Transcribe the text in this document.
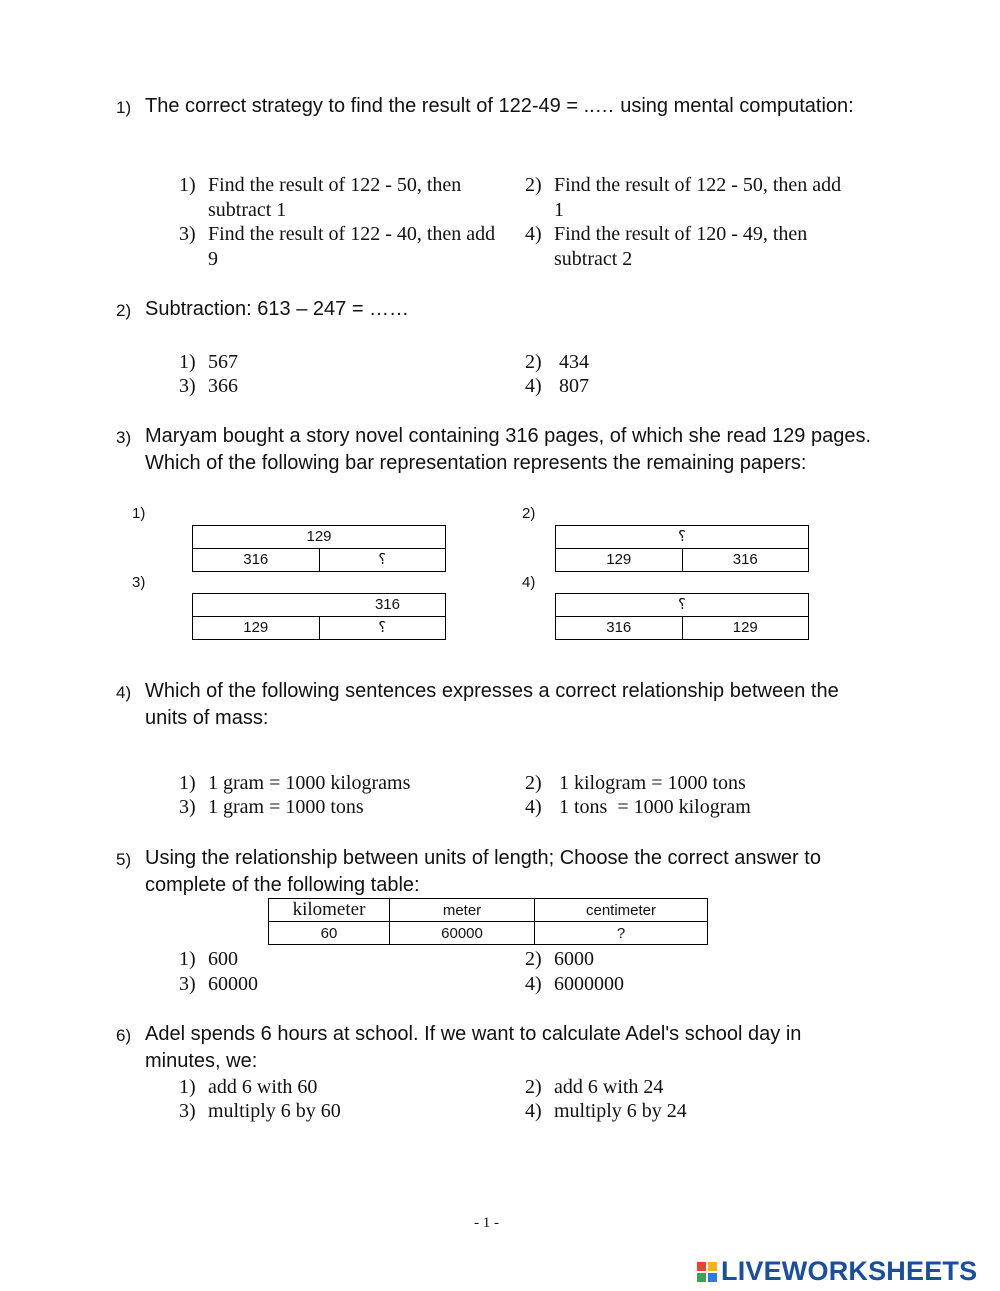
1) The correct strategy to find the result of 122-49 = ..… using mental computation:
1) Find the result of 122 - 50, then subtract 1
2) Find the result of 122 - 50, then add 1
3) Find the result of 122 - 40, then add 9
4) Find the result of 120 - 49, then subtract 2
2) Subtraction: 613 – 247 = ……
1) 567	2) 434
3) 366	4) 807
3) Maryam bought a story novel containing 316 pages, of which she read 129 pages. Which of the following bar representation represents the remaining papers:
1)
129
316	؟
2)
؟
129	316
3)
316
129	؟
4)
؟
316	129
4) Which of the following sentences expresses a correct relationship between the units of mass:
1) 1 gram = 1000 kilograms	2) 1 kilogram = 1000 tons
3) 1 gram = 1000 tons	4) 1 tons  = 1000 kilogram
5) Using the relationship between units of length; Choose the correct answer to complete of the following table:
kilometer	meter	centimeter
60	60000	?
1) 600	2) 6000
3) 60000	4) 6000000
6) Adel spends 6 hours at school. If we want to calculate Adel's school day in minutes, we:
1) add 6 with 60	2) add 6 with 24
3) multiply 6 by 60	4) multiply 6 by 24
- 1 -
LIVEWORKSHEETS
